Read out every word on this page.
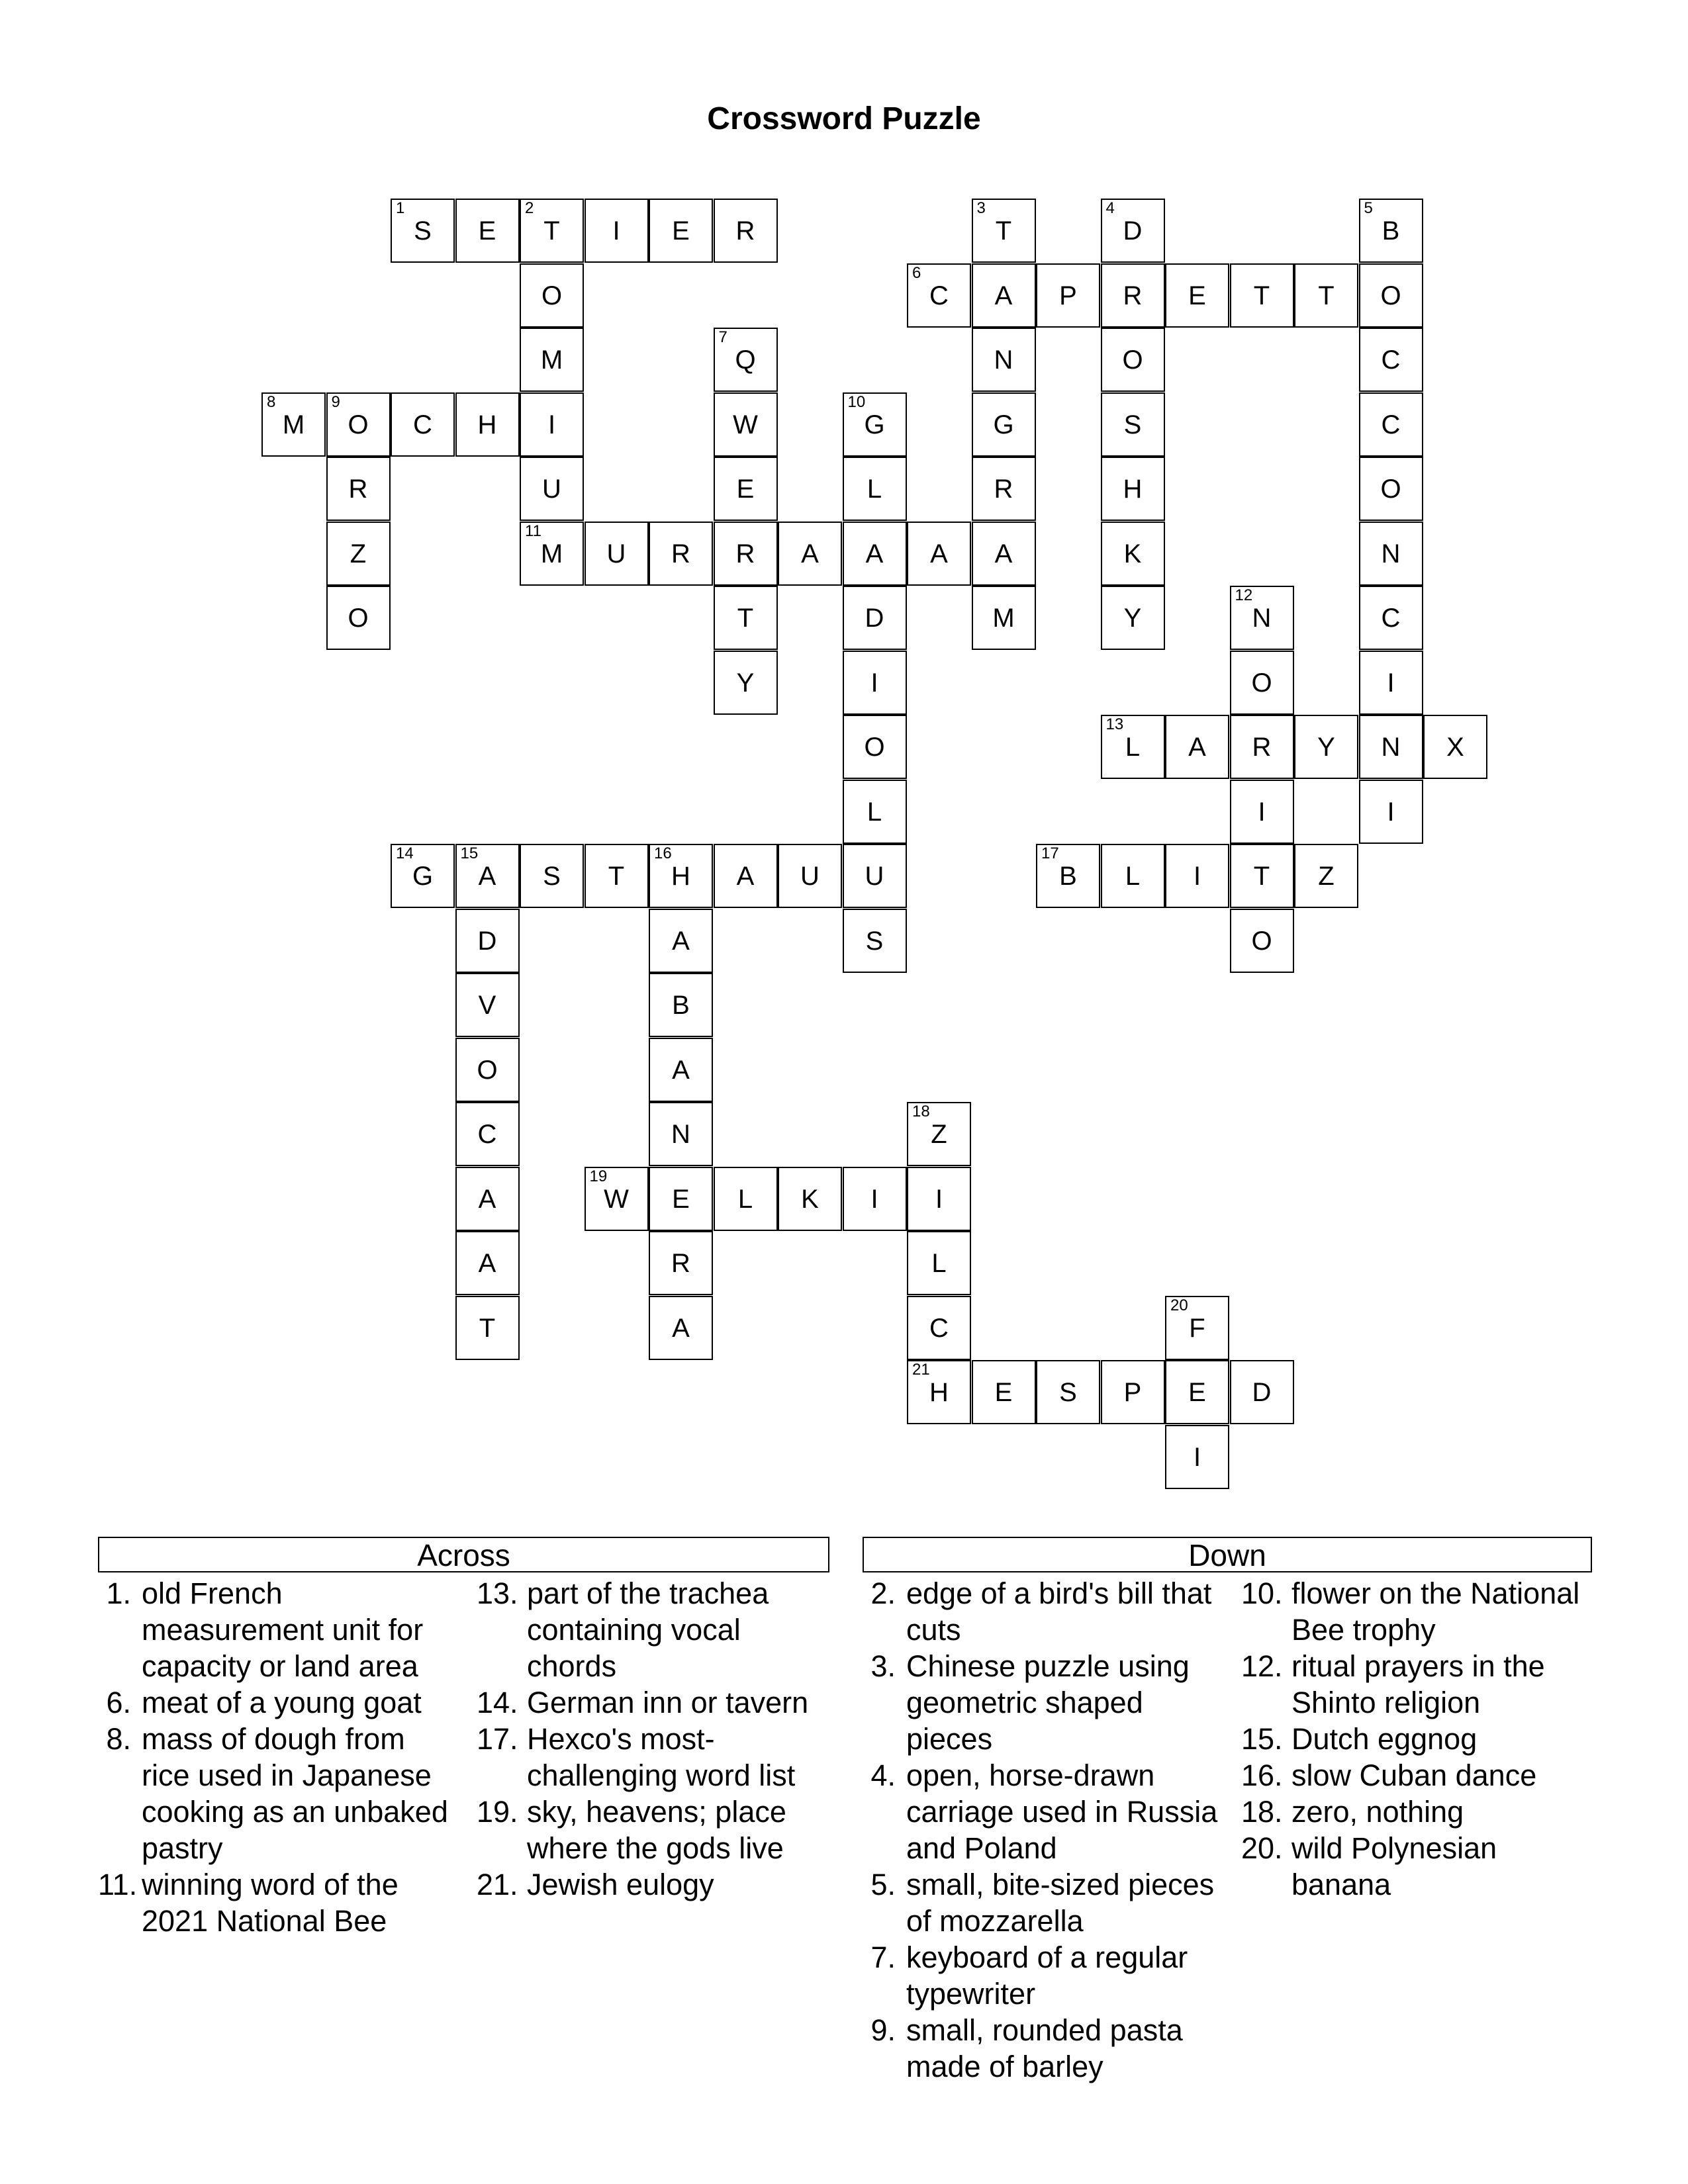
Crossword Puzzle
1
S	E
2
T	I	E	R
O
M
I
U
11
M
3
T
A
N
G
R
A
M
4
D
R
O
S
H
K
Y
5
B
O
C
C
O
N
C
I
N
I
6
C	P	E	T	T
7
Q
W
E
R
T
Y
8
M
9
O	C	H
R
Z
O
10
G
L
A
D
I
O
L
U
S
U	R	A	A
12
N
O
R
I
T
O
13
L	A	Y	X
14
G
15
A	S	T
16
H	A	U
D
V
O
C
A
A
T
A
B
A
N
E
R
A
17
B	L	I	Z
18
Z
I
L
C
21
H
19
W	L	K	I
20
F
E
I
E	S	P	D
Across
1. old French measurement unit for capacity or land area
6. meat of a young goat
8. mass of dough from rice used in Japanese cooking as an unbaked pastry
11. winning word of the 2021 National Bee
13. part of the trachea containing vocal chords
14. German inn or tavern
17. Hexco's most-challenging word list
19. sky, heavens; place where the gods live
21. Jewish eulogy
Down
2. edge of a bird's bill that cuts
3. Chinese puzzle using geometric shaped pieces
4. open, horse-drawn carriage used in Russia and Poland
5. small, bite-sized pieces of mozzarella
7. keyboard of a regular typewriter
9. small, rounded pasta made of barley
10. flower on the National Bee trophy
12. ritual prayers in the Shinto religion
15. Dutch eggnog
16. slow Cuban dance
18. zero, nothing
20. wild Polynesian banana
